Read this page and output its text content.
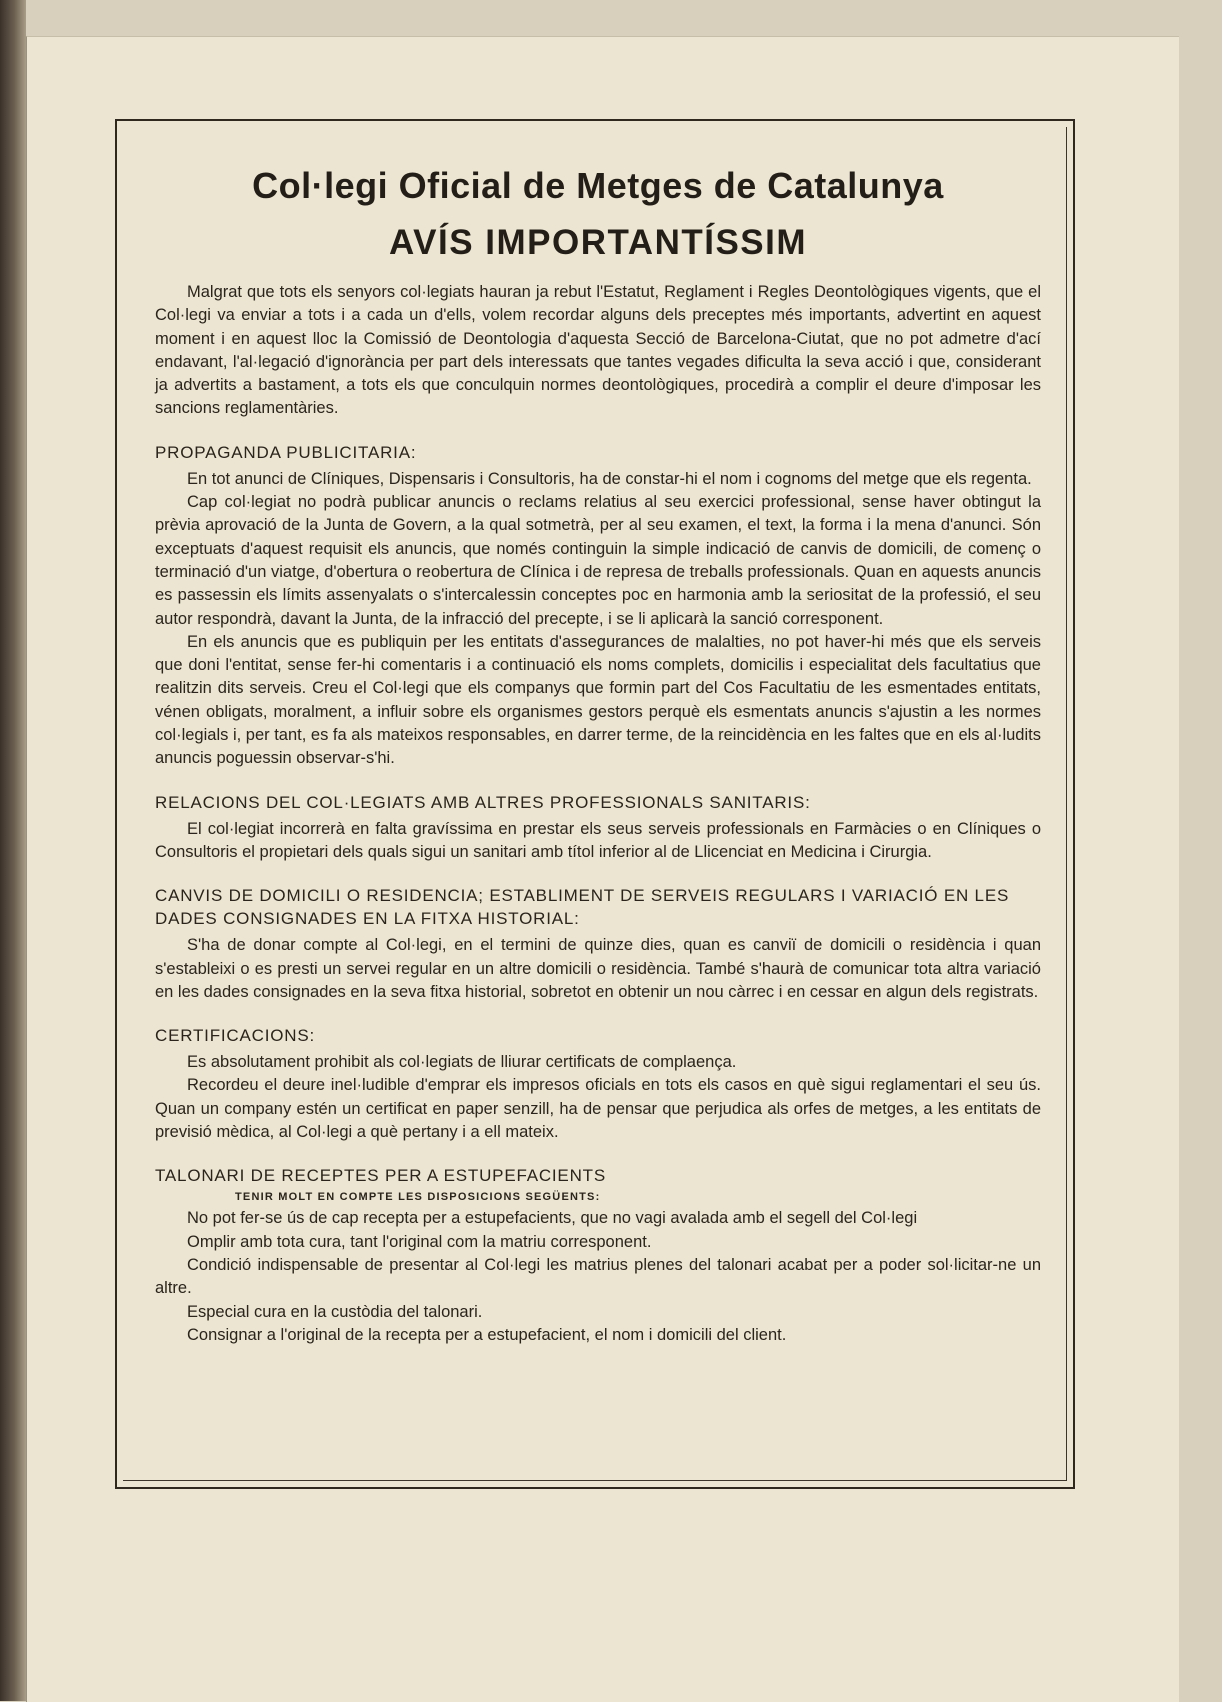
Col·legi Oficial de Metges de Catalunya
AVÍS IMPORTANTÍSSIM

Malgrat que tots els senyors col·legiats hauran ja rebut l'Estatut, Reglament i Regles Deontològiques vigents, que el Col·legi va enviar a tots i a cada un d'ells, volem recordar alguns dels preceptes més importants, advertint en aquest moment i en aquest lloc la Comissió de Deontologia d'aquesta Secció de Barcelona-Ciutat, que no pot admetre d'ací endavant, l'al·legació d'ignorància per part dels interessats que tantes vegades dificulta la seva acció i que, considerant ja advertits a bastament, a tots els que conculquin normes deontològiques, procedirà a complir el deure d'imposar les sancions reglamentàries.

PROPAGANDA PUBLICITARIA:

En tot anunci de Clíniques, Dispensaris i Consultoris, ha de constar-hi el nom i cognoms del metge que els regenta.

Cap col·legiat no podrà publicar anuncis o reclams relatius al seu exercici professional, sense haver obtingut la prèvia aprovació de la Junta de Govern, a la qual sotmetrà, per al seu examen, el text, la forma i la mena d'anunci. Són exceptuats d'aquest requisit els anuncis, que només continguin la simple indicació de canvis de domicili, de començ o terminació d'un viatge, d'obertura o reobertura de Clínica i de represa de treballs professionals. Quan en aquests anuncis es passessin els límits assenyalats o s'intercalessin conceptes poc en harmonia amb la seriositat de la professió, el seu autor respondrà, davant la Junta, de la infracció del precepte, i se li aplicarà la sanció corresponent.

En els anuncis que es publiquin per les entitats d'assegurances de malalties, no pot haver-hi més que els serveis que doni l'entitat, sense fer-hi comentaris i a continuació els noms complets, domicilis i especialitat dels facultatius que realitzin dits serveis. Creu el Col·legi que els companys que formin part del Cos Facultatiu de les esmentades entitats, vénen obligats, moralment, a influir sobre els organismes gestors perquè els esmentats anuncis s'ajustin a les normes col·legials i, per tant, es fa als mateixos responsables, en darrer terme, de la reincidència en les faltes que en els al·ludits anuncis poguessin observar-s'hi.

RELACIONS DEL COL·LEGIATS AMB ALTRES PROFESSIONALS SANITARIS:

El col·legiat incorrerà en falta gravíssima en prestar els seus serveis professionals en Farmàcies o en Clíniques o Consultoris el propietari dels quals sigui un sanitari amb títol inferior al de Llicenciat en Medicina i Cirurgia.

CANVIS DE DOMICILI O RESIDENCIA; ESTABLIMENT DE SERVEIS REGULARS I VARIACIÓ EN LES DADES CONSIGNADES EN LA FITXA HISTORIAL:

S'ha de donar compte al Col·legi, en el termini de quinze dies, quan es canviï de domicili o residència i quan s'estableixi o es presti un servei regular en un altre domicili o residència. També s'haurà de comunicar tota altra variació en les dades consignades en la seva fitxa historial, sobretot en obtenir un nou càrrec i en cessar en algun dels registrats.

CERTIFICACIONS:

Es absolutament prohibit als col·legiats de lliurar certificats de complaença.

Recordeu el deure inel·ludible d'emprar els impresos oficials en tots els casos en què sigui reglamentari el seu ús. Quan un company estén un certificat en paper senzill, ha de pensar que perjudica als orfes de metges, a les entitats de previsió mèdica, al Col·legi a què pertany i a ell mateix.

TALONARI DE RECEPTES PER A ESTUPEFACIENTS
TENIR MOLT EN COMPTE LES DISPOSICIONS SEGÜENTS:

No pot fer-se ús de cap recepta per a estupefacients, que no vagi avalada amb el segell del Col·legi

Omplir amb tota cura, tant l'original com la matriu corresponent.

Condició indispensable de presentar al Col·legi les matrius plenes del talonari acabat per a poder sol·licitar-ne un altre.

Especial cura en la custòdia del talonari.

Consignar a l'original de la recepta per a estupefacient, el nom i domicili del client.
